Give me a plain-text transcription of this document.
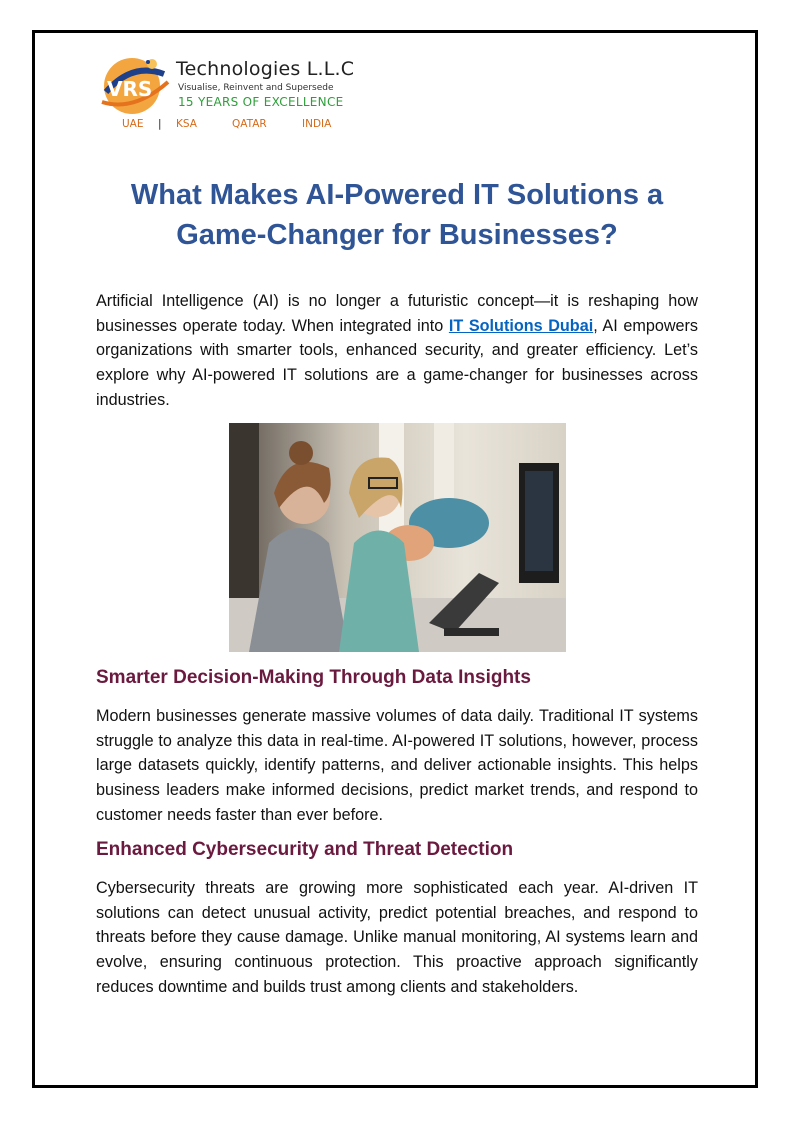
VRS
Technologies L.L.C
Visualise, Reinvent and Supersede
15 YEARS OF EXCELLENCE
UAE | KSA	QATAR	INDIA
What Makes AI-Powered IT Solutions a Game-Changer for Businesses?

Artificial Intelligence (AI) is no longer a futuristic concept—it is reshaping how businesses operate today. When integrated into IT Solutions Dubai, AI empowers organizations with smarter tools, enhanced security, and greater efficiency. Let’s explore why AI-powered IT solutions are a game-changer for businesses across industries.

Smarter Decision-Making Through Data Insights

Modern businesses generate massive volumes of data daily. Traditional IT systems struggle to analyze this data in real-time. AI-powered IT solutions, however, process large datasets quickly, identify patterns, and deliver actionable insights. This helps business leaders make informed decisions, predict market trends, and respond to customer needs faster than ever before.

Enhanced Cybersecurity and Threat Detection

Cybersecurity threats are growing more sophisticated each year. AI-driven IT solutions can detect unusual activity, predict potential breaches, and respond to threats before they cause damage. Unlike manual monitoring, AI systems learn and evolve, ensuring continuous protection. This proactive approach significantly reduces downtime and builds trust among clients and stakeholders.
